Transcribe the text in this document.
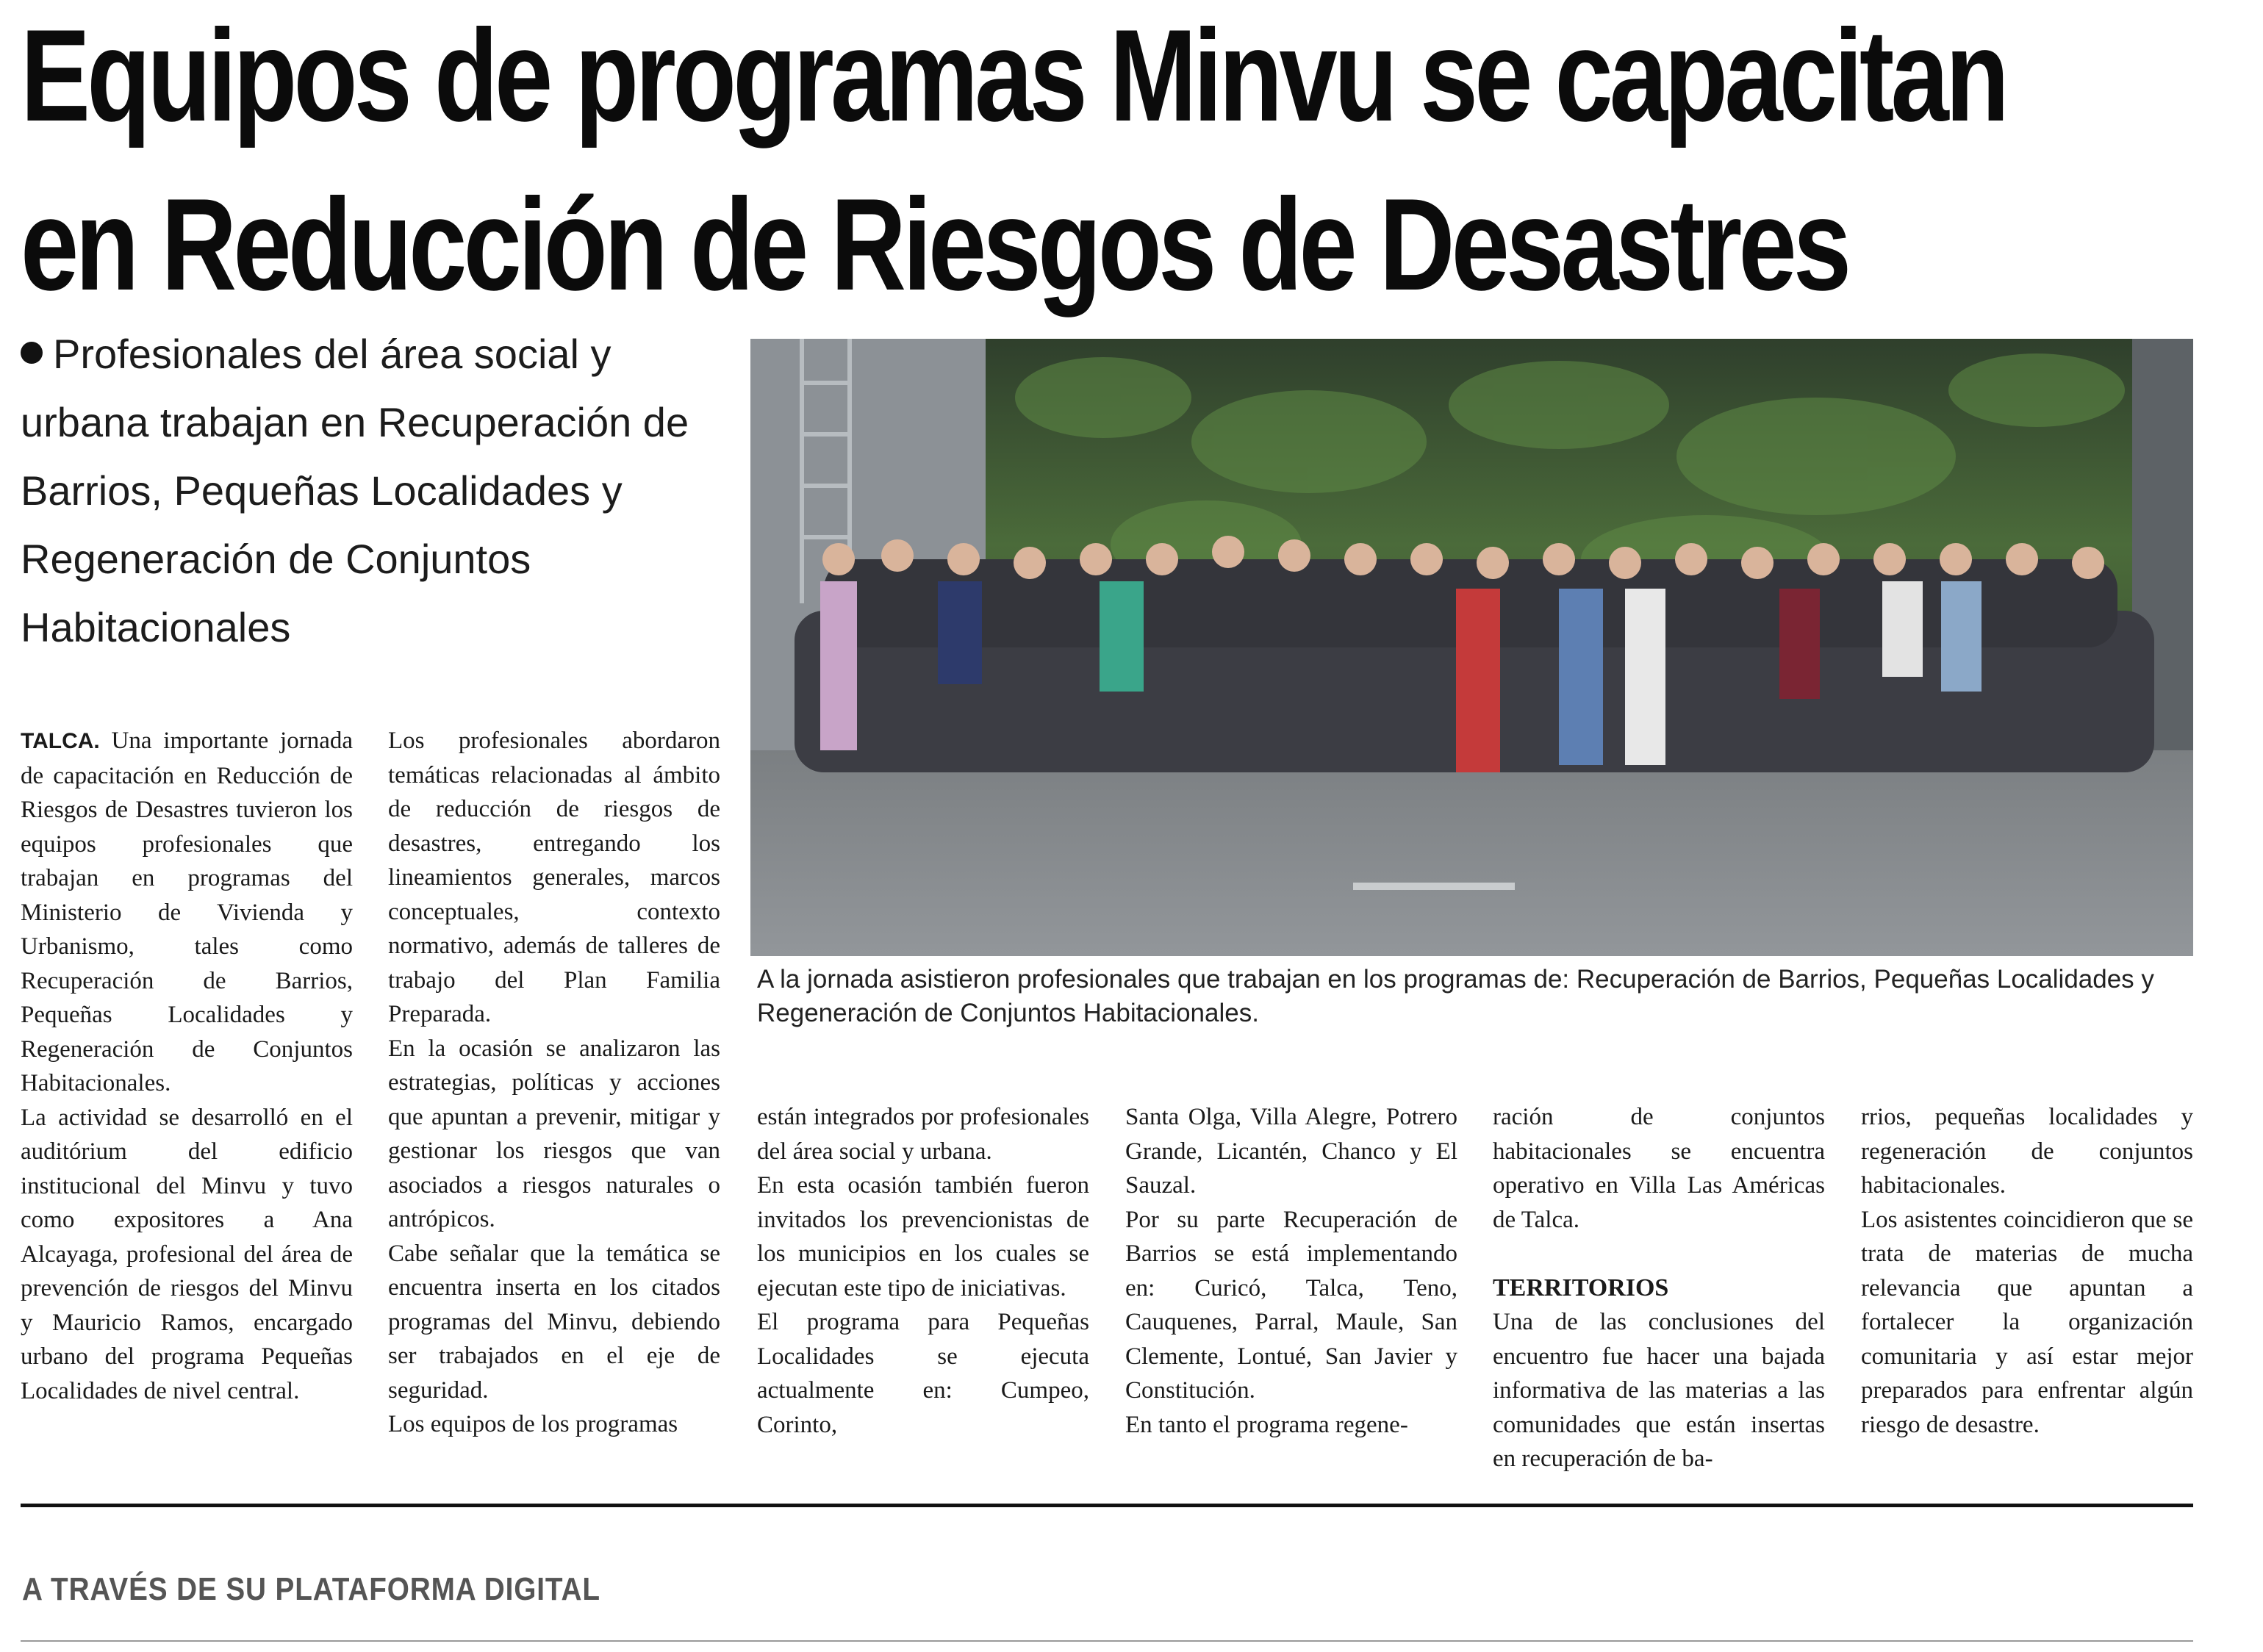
Equipos de programas Minvu se capacitan
en Reducción de Riesgos de Desastres
Profesionales del área social y urbana trabajan en Recuperación de Barrios, Pequeñas Localidades y Regeneración de Conjuntos Habitacionales
A la jornada asistieron profesionales que trabajan en los programas de: Recuperación de Barrios, Pequeñas Localidades y Regeneración de Conjuntos Habitacionales.

TALCA. Una importante jornada de capacitación en Reducción de Riesgos de Desastres tuvieron los equipos profesionales que trabajan en programas del Ministerio de Vivienda y Urbanismo, tales como Recuperación de Barrios, Pequeñas Localidades y Regeneración de Conjuntos Habitacionales.

La actividad se desarrolló en el auditórium del edificio institucional del Minvu y tuvo como expositores a Ana Alcayaga, profesional del área de prevención de riesgos del Minvu y Mauricio Ramos, encargado urbano del programa Pequeñas Localidades de nivel central.

Los profesionales abordaron temáticas relacionadas al ámbito de reducción de riesgos de desastres, entregando los lineamientos generales, marcos conceptuales, contexto normativo, además de talleres de trabajo del Plan Familia Preparada.

En la ocasión se analizaron las estrategias, políticas y acciones que apuntan a prevenir, mitigar y gestionar los riesgos que van asociados a riesgos naturales o antrópicos.

Cabe señalar que la temática se encuentra inserta en los citados programas del Minvu, debiendo ser trabajados en el eje de seguridad.

Los equipos de los programas

están integrados por profesionales del área social y urbana.

En esta ocasión también fueron invitados los prevencionistas de los municipios en los cuales se ejecutan este tipo de iniciativas.

El programa para Pequeñas Localidades se ejecuta actualmente en: Cumpeo, Corinto,

Santa Olga, Villa Alegre, Potrero Grande, Licantén, Chanco y El Sauzal.

Por su parte Recuperación de Barrios se está implementando en: Curicó, Talca, Teno, Cauquenes, Parral, Maule, San Clemente, Lontué, San Javier y Constitución.

En tanto el programa regene-

ración de conjuntos habitacionales se encuentra operativo en Villa Las Américas de Talca.

TERRITORIOS

Una de las conclusiones del encuentro fue hacer una bajada informativa de las materias a las comunidades que están insertas en recuperación de ba-

rrios, pequeñas localidades y regeneración de conjuntos habitacionales.

Los asistentes coincidieron que se trata de materias de mucha relevancia que apuntan a fortalecer la organización comunitaria y así estar mejor preparados para enfrentar algún riesgo de desastre.

A TRAVÉS DE SU PLATAFORMA DIGITAL
